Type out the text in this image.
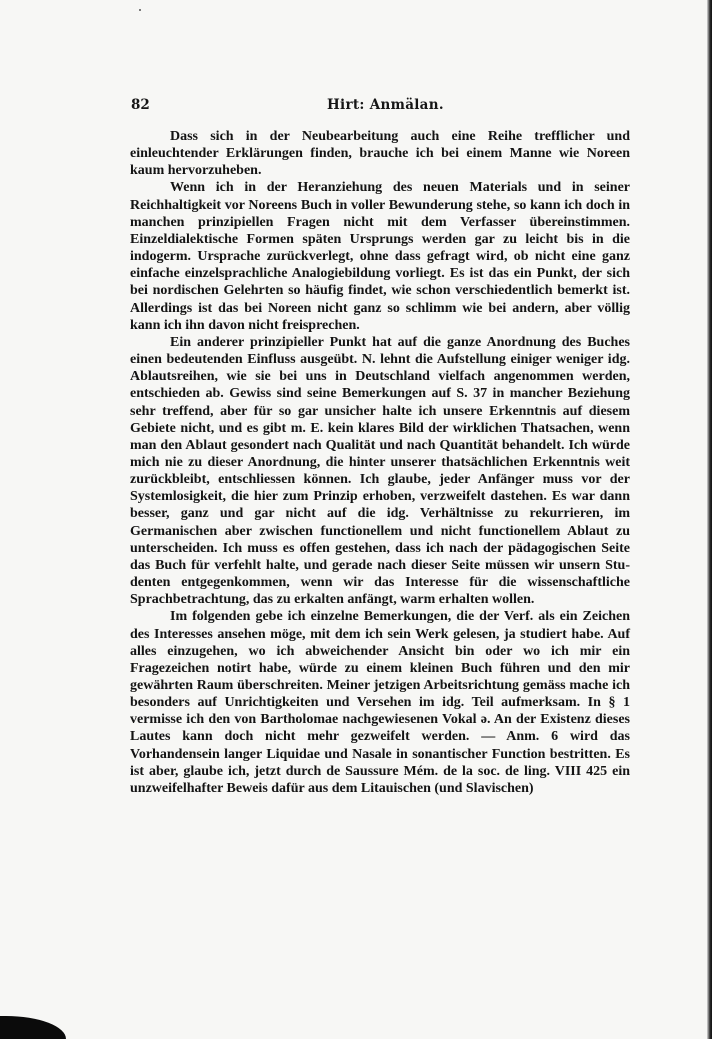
82	Hirt: Anmälan.

Dass sich in der Neubearbeitung auch eine Reihe trefflicher und einleuchtender Erklärungen finden, brauche ich bei einem Manne wie Noreen kaum hervorzuheben.

Wenn ich in der Heranziehung des neuen Materials und in seiner Reichhaltigkeit vor Noreens Buch in voller Bewunderung stehe, so kann ich doch in manchen prinzipiellen Fragen nicht mit dem Verfasser übereinstimmen. Einzeldialektische Formen späten Ursprungs werden gar zu leicht bis in die indogerm. Ursprache zurückverlegt, ohne dass gefragt wird, ob nicht eine ganz einfache einzelsprachliche Analogiebildung vorliegt. Es ist das ein Punkt, der sich bei nordischen Gelehrten so häufig findet, wie schon verschiedentlich bemerkt ist. Allerdings ist das bei Noreen nicht ganz so schlimm wie bei andern, aber völlig kann ich ihn davon nicht freisprechen.

Ein anderer prinzipieller Punkt hat auf die ganze Anordnung des Buches einen bedeutenden Einfluss ausgeübt. N. lehnt die Aufstellung einiger weniger idg. Ablautsreihen, wie sie bei uns in Deutschland vielfach angenommen werden, entschieden ab. Gewiss sind seine Bemerkungen auf S. 37 in mancher Beziehung sehr treffend, aber für so gar unsicher halte ich unsere Erkenntnis auf diesem Gebiete nicht, und es gibt m. E. kein klares Bild der wirklichen Thatsachen, wenn man den Ablaut gesondert nach Qualität und nach Quantität behandelt. Ich würde mich nie zu dieser Anordnung, die hinter unserer thatsächlichen Erkenntnis weit zurückbleibt, entschliessen können. Ich glaube, jeder Anfänger muss vor der Systemlosigkeit, die hier zum Prinzip erhoben, verzweifelt dastehen. Es war dann besser, ganz und gar nicht auf die idg. Verhältnisse zu rekurrieren, im Germanischen aber zwischen functionellem und nicht functionellem Ablaut zu unterscheiden. Ich muss es offen gestehen, dass ich nach der pädagogischen Seite das Buch für verfehlt halte, und gerade nach dieser Seite müssen wir unsern Studenten entgegenkommen, wenn wir das Interesse für die wissenschaftliche Sprachbetrachtung, das zu erkalten anfängt, warm erhalten wollen.

Im folgenden gebe ich einzelne Bemerkungen, die der Verf. als ein Zeichen des Interesses ansehen möge, mit dem ich sein Werk gelesen, ja studiert habe. Auf alles einzugehen, wo ich abweichender Ansicht bin oder wo ich mir ein Fragezeichen notirt habe, würde zu einem kleinen Buch führen und den mir gewährten Raum überschreiten. Meiner jetzigen Arbeitsrichtung gemäss mache ich besonders auf Unrichtigkeiten und Versehen im idg. Teil aufmerksam. In § 1 vermisse ich den von Bartholomae nachgewiesenen Vokal ə. An der Existenz dieses Lautes kann doch nicht mehr gezweifelt werden. — Anm. 6 wird das Vorhandensein langer Liquidae und Nasale in sonantischer Function bestritten. Es ist aber, glaube ich, jetzt durch de Saussure Mém. de la soc. de ling. VIII 425 ein unzweifelhafter Beweis dafür aus dem Litauischen (und Slavischen)
